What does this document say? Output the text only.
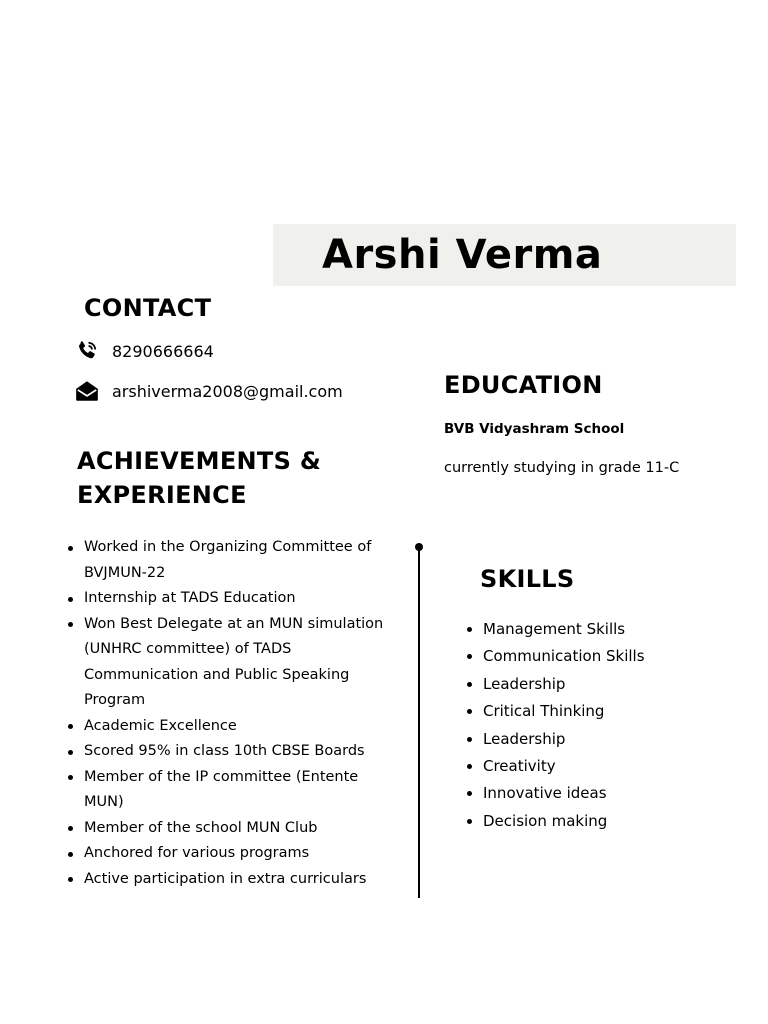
Arshi Verma
CONTACT
8290666664
arshiverma2008@gmail.com
ACHIEVEMENTS & EXPERIENCE
Worked in the Organizing Committee of BVJMUN-22
Internship at TADS Education
Won Best Delegate at an MUN simulation (UNHRC committee) of TADS Communication and Public Speaking Program
Academic Excellence
Scored 95% in class 10th CBSE Boards
Member of the IP committee (Entente MUN)
Member of the school MUN Club
Anchored for various programs
Active participation in extra curriculars
EDUCATION
BVB Vidyashram School
currently studying in grade 11-C
SKILLS
Management Skills
Communication Skills
Leadership
Critical Thinking
Leadership
Creativity
Innovative ideas
Decision making
